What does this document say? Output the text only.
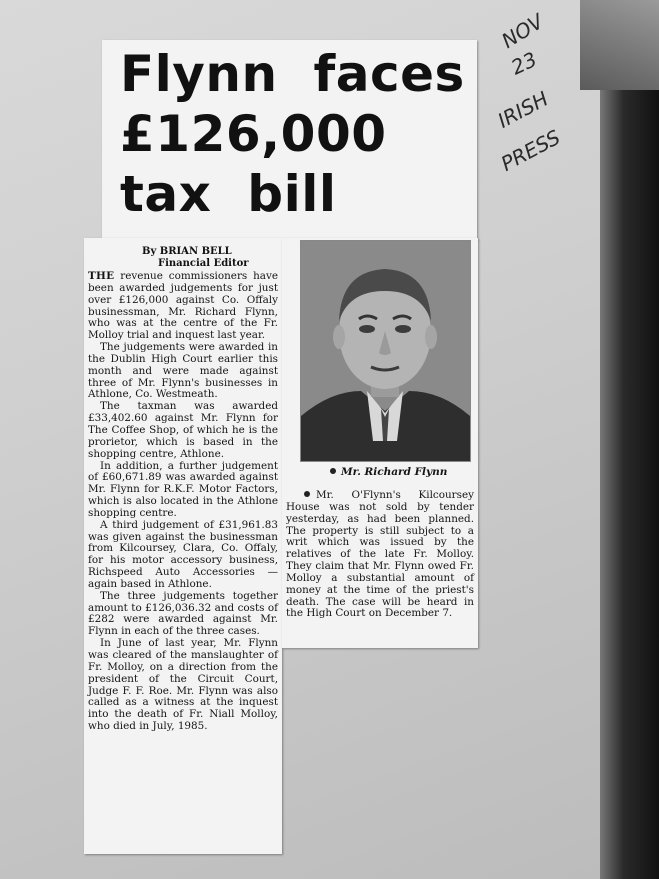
Flynn faces
£126,000
tax bill
By BRIAN BELL
Financial Editor

THE revenue commissioners have been awarded judgements for just over £126,000 against Co. Offaly businessman, Mr. Richard Flynn, who was at the centre of the Fr. Molloy trial and inquest last year.

The judgements were awarded in the Dublin High Court earlier this month and were made against three of Mr. Flynn's businesses in Athlone, Co. Westmeath.

The taxman was awarded £33,402.60 against Mr. Flynn for The Coffee Shop, of which he is the prorietor, which is based in the shopping centre, Athlone.

In addition, a further judgement of £60,671.89 was awarded against Mr. Flynn for R.K.F. Motor Factors, which is also located in the Athlone shopping centre.

A third judgement of £31,961.83 was given against the businessman from Kilcoursey, Clara, Co. Offaly, for his motor accessory business, Richspeed Auto Accessories — again based in Athlone.

The three judgements together amount to £126,036.32 and costs of £282 were awarded against Mr. Flynn in each of the three cases.

In June of last year, Mr. Flynn was cleared of the manslaughter of Fr. Molloy, on a direction from the president of the Circuit Court, Judge F. F. Roe. Mr. Flynn was also called as a witness at the inquest into the death of Fr. Niall Molloy, who died in July, 1985.

Mr. Richard Flynn

Mr. O'Flynn's Kilcoursey House was not sold by tender yesterday, as had been planned. The property is still subject to a writ which was issued by the relatives of the late Fr. Molloy. They claim that Mr. Flynn owed Fr. Molloy a substantial amount of money at the time of the priest's death. The case will be heard in the High Court on December 7.

NOV
23
IRISH
PRESS
